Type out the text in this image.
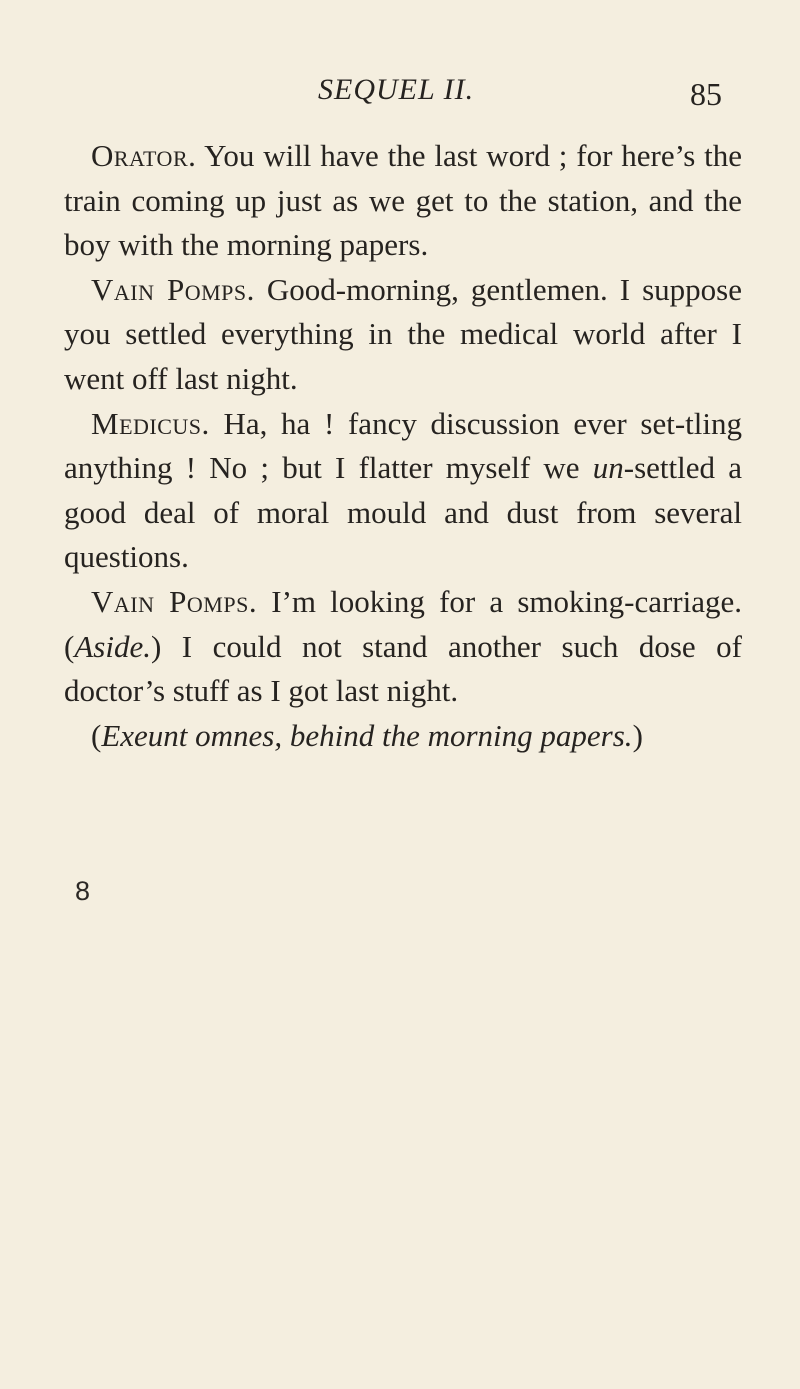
SEQUEL II.	85

Orator. You will have the last word ; for here’s the train coming up just as we get to the station, and the boy with the morning papers.

Vain Pomps. Good-morning, gentlemen. I suppose you settled everything in the medical world after I went off last night.

Medicus. Ha, ha ! fancy discussion ever set-tling anything ! No ; but I flatter myself we un-settled a good deal of moral mould and dust from several questions.

Vain Pomps. I’m looking for a smoking-carriage. (Aside.) I could not stand another such dose of doctor’s stuff as I got last night.

(Exeunt omnes, behind the morning papers.)

8
